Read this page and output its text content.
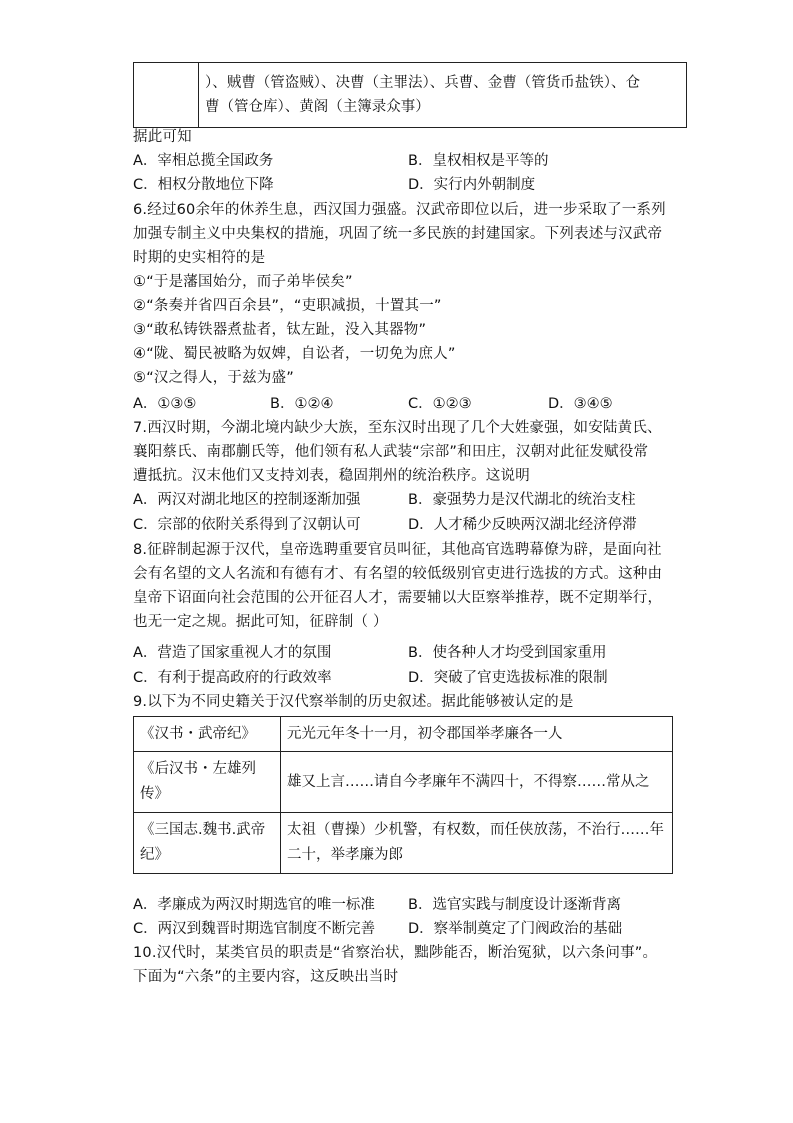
）、贼曹（管盗贼）、决曹（主罪法）、兵曹、金曹（管货币盐铁）、仓
曹（管仓库）、黄阁（主簿录众事）
据此可知
A．宰相总揽全国政务	B．皇权相权是平等的
C．相权分散地位下降	D．实行内外朝制度
6.经过60余年的休养生息，西汉国力强盛。汉武帝即位以后，进一步采取了一系列
加强专制主义中央集权的措施，巩固了统一多民族的封建国家。下列表述与汉武帝
时期的史实相符的是
①“于是藩国始分，而子弟毕侯矣”
②“条奏并省四百余县”，“吏职减损，十置其一”
③“敢私铸铁器煮盐者，钛左趾，没入其器物”
④“陇、蜀民被略为奴婢，自讼者，一切免为庶人”
⑤“汉之得人，于兹为盛”
A．①③⑤	B．①②④	C．①②③	D．③④⑤
7.西汉时期，今湖北境内缺少大族，至东汉时出现了几个大姓豪强，如安陆黄氏、
襄阳蔡氏、南郡蒯氏等，他们领有私人武装“宗部”和田庄，汉朝对此征发赋役常
遭抵抗。汉末他们又支持刘表，稳固荆州的统治秩序。这说明
A．两汉对湖北地区的控制逐渐加强	B．豪强势力是汉代湖北的统治支柱
C．宗部的依附关系得到了汉朝认可	D．人才稀少反映两汉湖北经济停滞
8.征辟制起源于汉代，皇帝选聘重要官员叫征，其他高官选聘幕僚为辟，是面向社
会有名望的文人名流和有德有才、有名望的较低级别官吏进行选拔的方式。这种由
皇帝下诏面向社会范围的公开征召人才，需要辅以大臣察举推荐，既不定期举行，
也无一定之规。据此可知，征辟制（ ）
A．营造了国家重视人才的氛围	B．使各种人才均受到国家重用
C．有利于提高政府的行政效率	D．突破了官吏选拔标准的限制
9.以下为不同史籍关于汉代察举制的历史叙述。据此能够被认定的是
《汉书・武帝纪》	元光元年冬十一月，初令郡国举孝廉各一人
《后汉书・左雄列传》	雄又上言……请自今孝廉年不满四十，不得察……常从之
《三国志.魏书.武帝纪》	太祖（曹操）少机警，有权数，而任侠放荡，不治行……年二十，举孝廉为郎
A．孝廉成为两汉时期选官的唯一标准 B．选官实践与制度设计逐渐背离
C．两汉到魏晋时期选官制度不断完善 D．察举制奠定了门阀政治的基础
10.汉代时，某类官员的职责是“省察治状，黜陟能否，断治冤狱，以六条问事”。
下面为“六条”的主要内容，这反映出当时
